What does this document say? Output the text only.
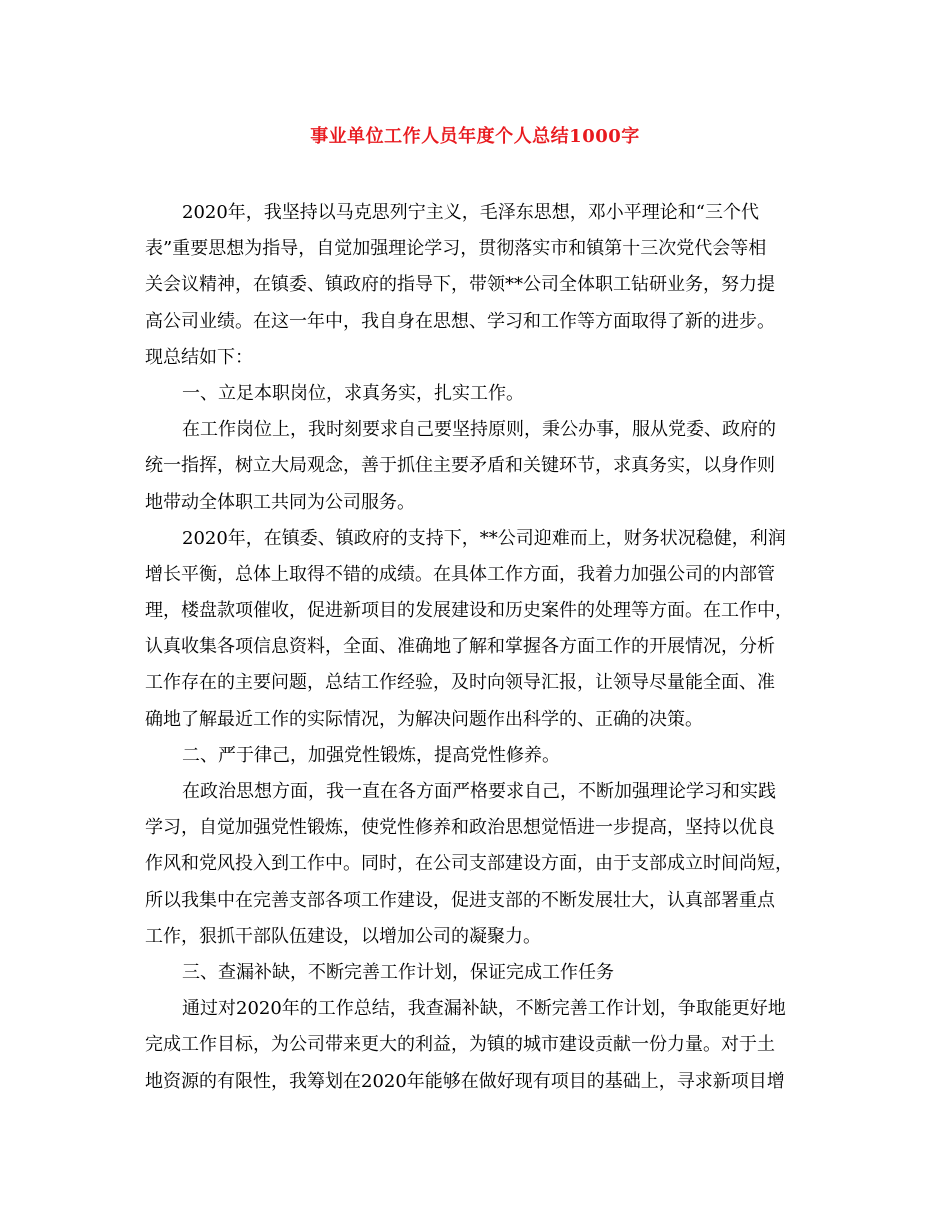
事业单位工作人员年度个人总结1000字
2020年，我坚持以马克思列宁主义，毛泽东思想，邓小平理论和“三个代
表”重要思想为指导，自觉加强理论学习，贯彻落实市和镇第十三次党代会等相
关会议精神，在镇委、镇政府的指导下，带领**公司全体职工钻研业务，努力提
高公司业绩。在这一年中，我自身在思想、学习和工作等方面取得了新的进步。
现总结如下：
一、立足本职岗位，求真务实，扎实工作。
在工作岗位上，我时刻要求自己要坚持原则，秉公办事，服从党委、政府的
统一指挥，树立大局观念，善于抓住主要矛盾和关键环节，求真务实，以身作则
地带动全体职工共同为公司服务。
2020年，在镇委、镇政府的支持下，**公司迎难而上，财务状况稳健，利润
增长平衡，总体上取得不错的成绩。在具体工作方面，我着力加强公司的内部管
理，楼盘款项催收，促进新项目的发展建设和历史案件的处理等方面。在工作中，
认真收集各项信息资料，全面、准确地了解和掌握各方面工作的开展情况，分析
工作存在的主要问题，总结工作经验，及时向领导汇报，让领导尽量能全面、准
确地了解最近工作的实际情况，为解决问题作出科学的、正确的决策。
二、严于律己，加强党性锻炼，提高党性修养。
在政治思想方面，我一直在各方面严格要求自己，不断加强理论学习和实践
学习，自觉加强党性锻炼，使党性修养和政治思想觉悟进一步提高，坚持以优良
作风和党风投入到工作中。同时，在公司支部建设方面，由于支部成立时间尚短，
所以我集中在完善支部各项工作建设，促进支部的不断发展壮大，认真部署重点
工作，狠抓干部队伍建设，以增加公司的凝聚力。
三、查漏补缺，不断完善工作计划，保证完成工作任务
通过对2020年的工作总结，我查漏补缺，不断完善工作计划，争取能更好地
完成工作目标，为公司带来更大的利益，为镇的城市建设贡献一份力量。对于土
地资源的有限性，我筹划在2020年能够在做好现有项目的基础上，寻求新项目增
